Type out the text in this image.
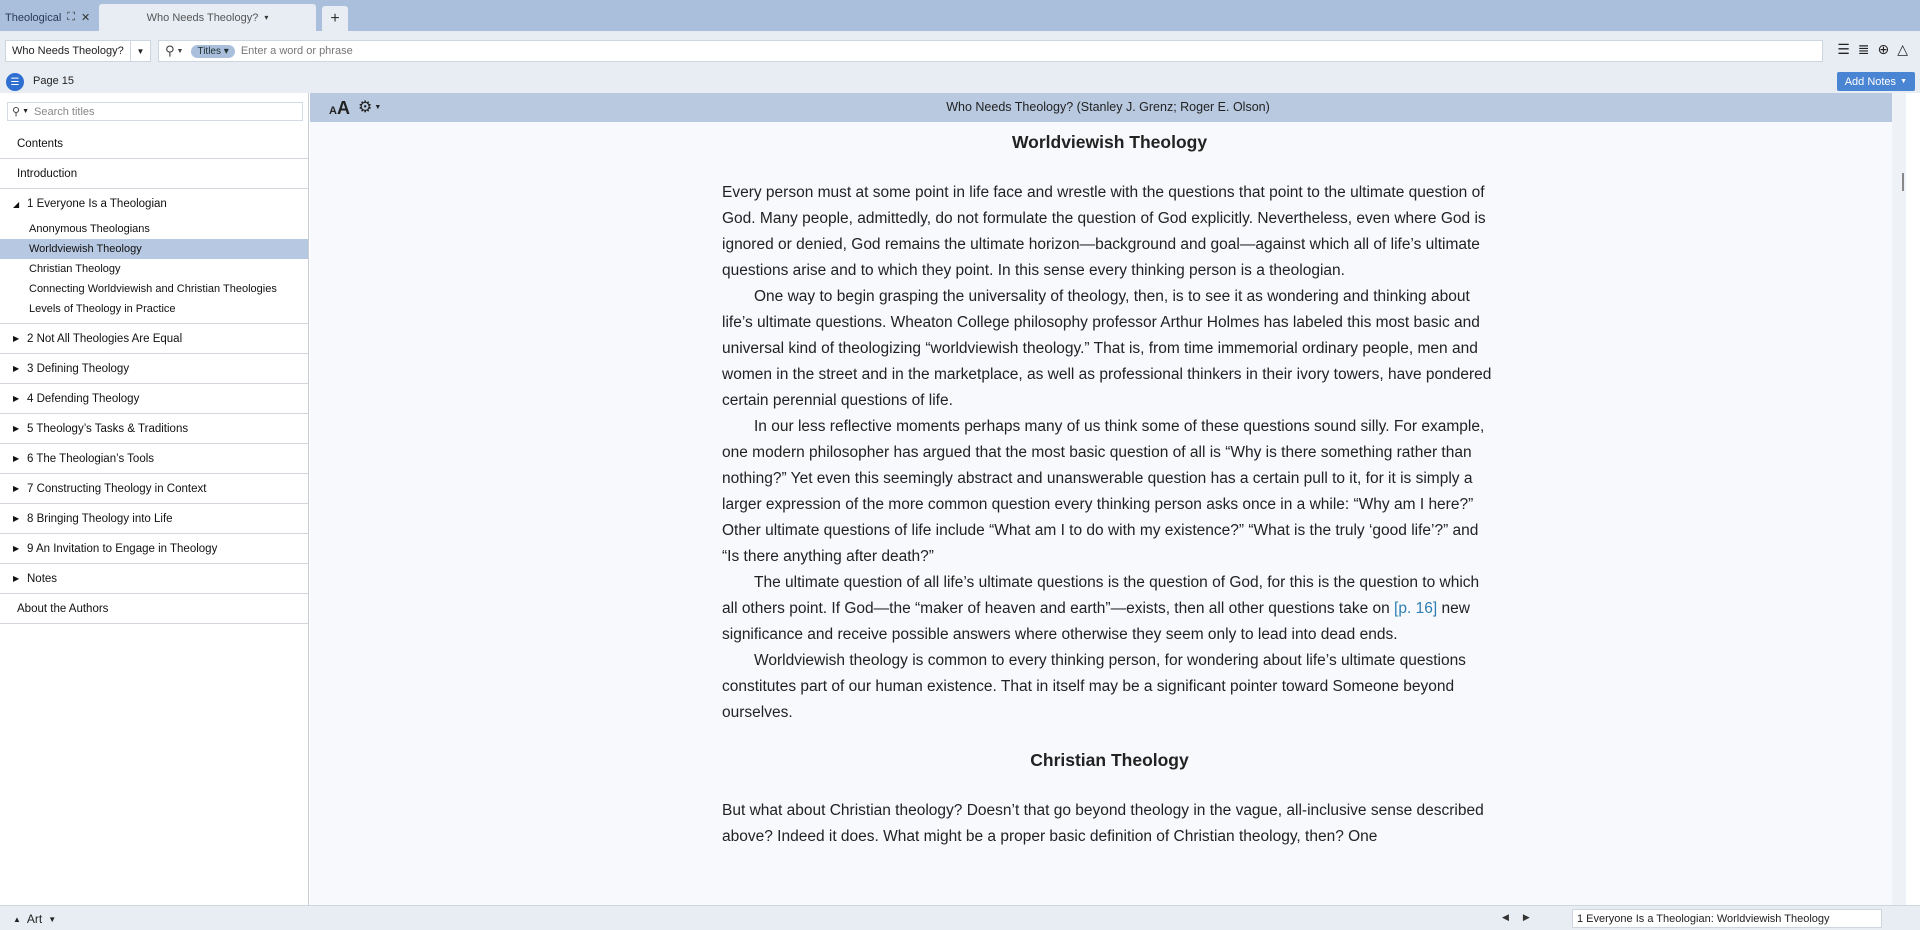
Theological ⛶ ✕	Who Needs Theology? ▾	+
Who Needs Theology?	▼	⚲ ▼	Titles ▾
Enter a word or phrase	☰ ≣ ⊕ △
☰	Page 15	Add Notes ▼
⚲ ▼
Search titles
Contents
Introduction
◢ 1 Everyone Is a Theologian
Anonymous Theologians
Worldviewish Theology
Christian Theology
Connecting Worldviewish and Christian Theologies
Levels of Theology in Practice
▶ 2 Not All Theologies Are Equal
▶ 3 Defining Theology
▶ 4 Defending Theology
▶ 5 Theology’s Tasks & Traditions
▶ 6 The Theologian’s Tools
▶ 7 Constructing Theology in Context
▶ 8 Bringing Theology into Life
▶ 9 An Invitation to Engage in Theology
▶ Notes
About the Authors
Who Needs Theology? (Stanley J. Grenz; Roger E. Olson)
AA ⚙ ▼
Worldviewish Theology

Every person must at some point in life face and wrestle with the questions that point to the ultimate question of God. Many people, admittedly, do not formulate the question of God explicitly. Nevertheless, even where God is ignored or denied, God remains the ultimate horizon—background and goal—against which all of life’s ultimate questions arise and to which they point. In this sense every thinking person is a theologian.

One way to begin grasping the universality of theology, then, is to see it as wondering and thinking about life’s ultimate questions. Wheaton College philosophy professor Arthur Holmes has labeled this most basic and universal kind of theologizing “worldviewish theology.” That is, from time immemorial ordinary people, men and women in the street and in the marketplace, as well as professional thinkers in their ivory towers, have pondered certain perennial questions of life.

In our less reflective moments perhaps many of us think some of these questions sound silly. For example, one modern philosopher has argued that the most basic question of all is “Why is there something rather than nothing?” Yet even this seemingly abstract and unanswerable question has a certain pull to it, for it is simply a larger expression of the more common question every thinking person asks once in a while: “Why am I here?” Other ultimate questions of life include “What am I to do with my existence?” “What is the truly ‘good life’?” and “Is there anything after death?”

The ultimate question of all life’s ultimate questions is the question of God, for this is the question to which all others point. If God—the “maker of heaven and earth”—exists, then all other questions take on [p. 16] new significance and receive possible answers where otherwise they seem only to lead into dead ends.

Worldviewish theology is common to every thinking person, for wondering about life’s ultimate questions constitutes part of our human existence. That in itself may be a significant pointer toward Someone beyond ourselves.

Christian Theology

But what about Christian theology? Doesn’t that go beyond theology in the vague, all-inclusive sense described above? Indeed it does. What might be a proper basic definition of Christian theology, then? One

▲ Art ▼	◀ ▶	1 Everyone Is a Theologian: Worldviewish Theology
